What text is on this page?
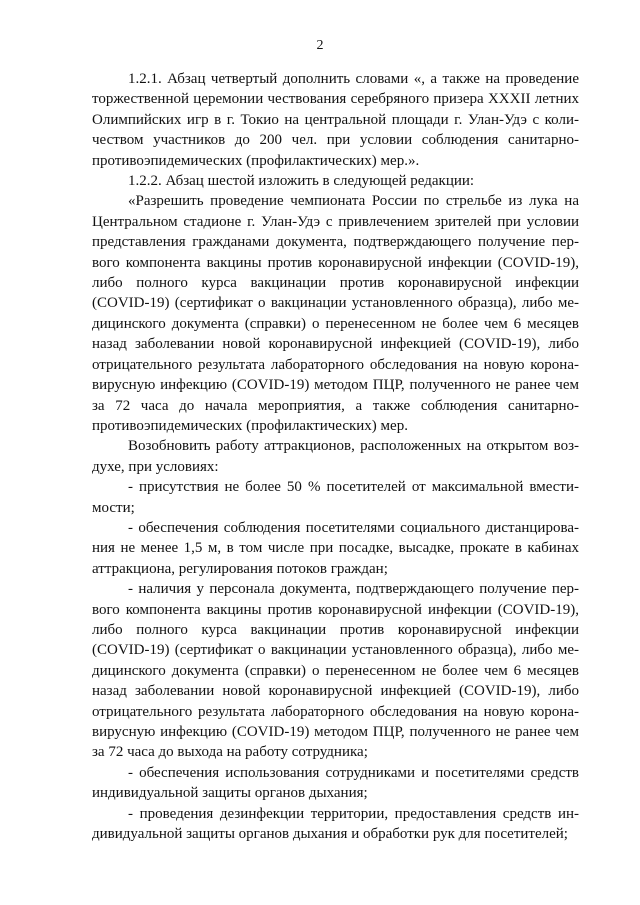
2

1.2.1. Абзац четвертый дополнить словами «, а также на проведение
торжественной церемонии чествования серебряного призера XXXII летних
Олимпийских игр в г. Токио на центральной площади г. Улан-Удэ с коли-
чеством участников до 200 чел. при условии соблюдения санитарно-
противоэпидемических (профилактических) мер.».

1.2.2. Абзац шестой изложить в следующей редакции:

«Разрешить проведение чемпионата России по стрельбе из лука на
Центральном стадионе г. Улан-Удэ с привлечением зрителей при условии
представления гражданами документа, подтверждающего получение пер-
вого компонента вакцины против коронавирусной инфекции (COVID-19),
либо полного курса вакцинации против коронавирусной инфекции
(COVID-19) (сертификат о вакцинации установленного образца), либо ме-
дицинского документа (справки) о перенесенном не более чем 6 месяцев
назад заболевании новой коронавирусной инфекцией (COVID-19), либо
отрицательного результата лабораторного обследования на новую корона-
вирусную инфекцию (COVID-19) методом ПЦР, полученного не ранее чем
за 72 часа до начала мероприятия, а также соблюдения санитарно-
противоэпидемических (профилактических) мер.

Возобновить работу аттракционов, расположенных на открытом воз-
духе, при условиях:

- присутствия не более 50 % посетителей от максимальной вмести-
мости;

- обеспечения соблюдения посетителями социального дистанцирова-
ния не менее 1,5 м, в том числе при посадке, высадке, прокате в кабинах
аттракциона, регулирования потоков граждан;

- наличия у персонала документа, подтверждающего получение пер-
вого компонента вакцины против коронавирусной инфекции (COVID-19),
либо полного курса вакцинации против коронавирусной инфекции
(COVID-19) (сертификат о вакцинации установленного образца), либо ме-
дицинского документа (справки) о перенесенном не более чем 6 месяцев
назад заболевании новой коронавирусной инфекцией (COVID-19), либо
отрицательного результата лабораторного обследования на новую корона-
вирусную инфекцию (COVID-19) методом ПЦР, полученного не ранее чем
за 72 часа до выхода на работу сотрудника;

- обеспечения использования сотрудниками и посетителями средств
индивидуальной защиты органов дыхания;

- проведения дезинфекции территории, предоставления средств ин-
дивидуальной защиты органов дыхания и обработки рук для посетителей;
